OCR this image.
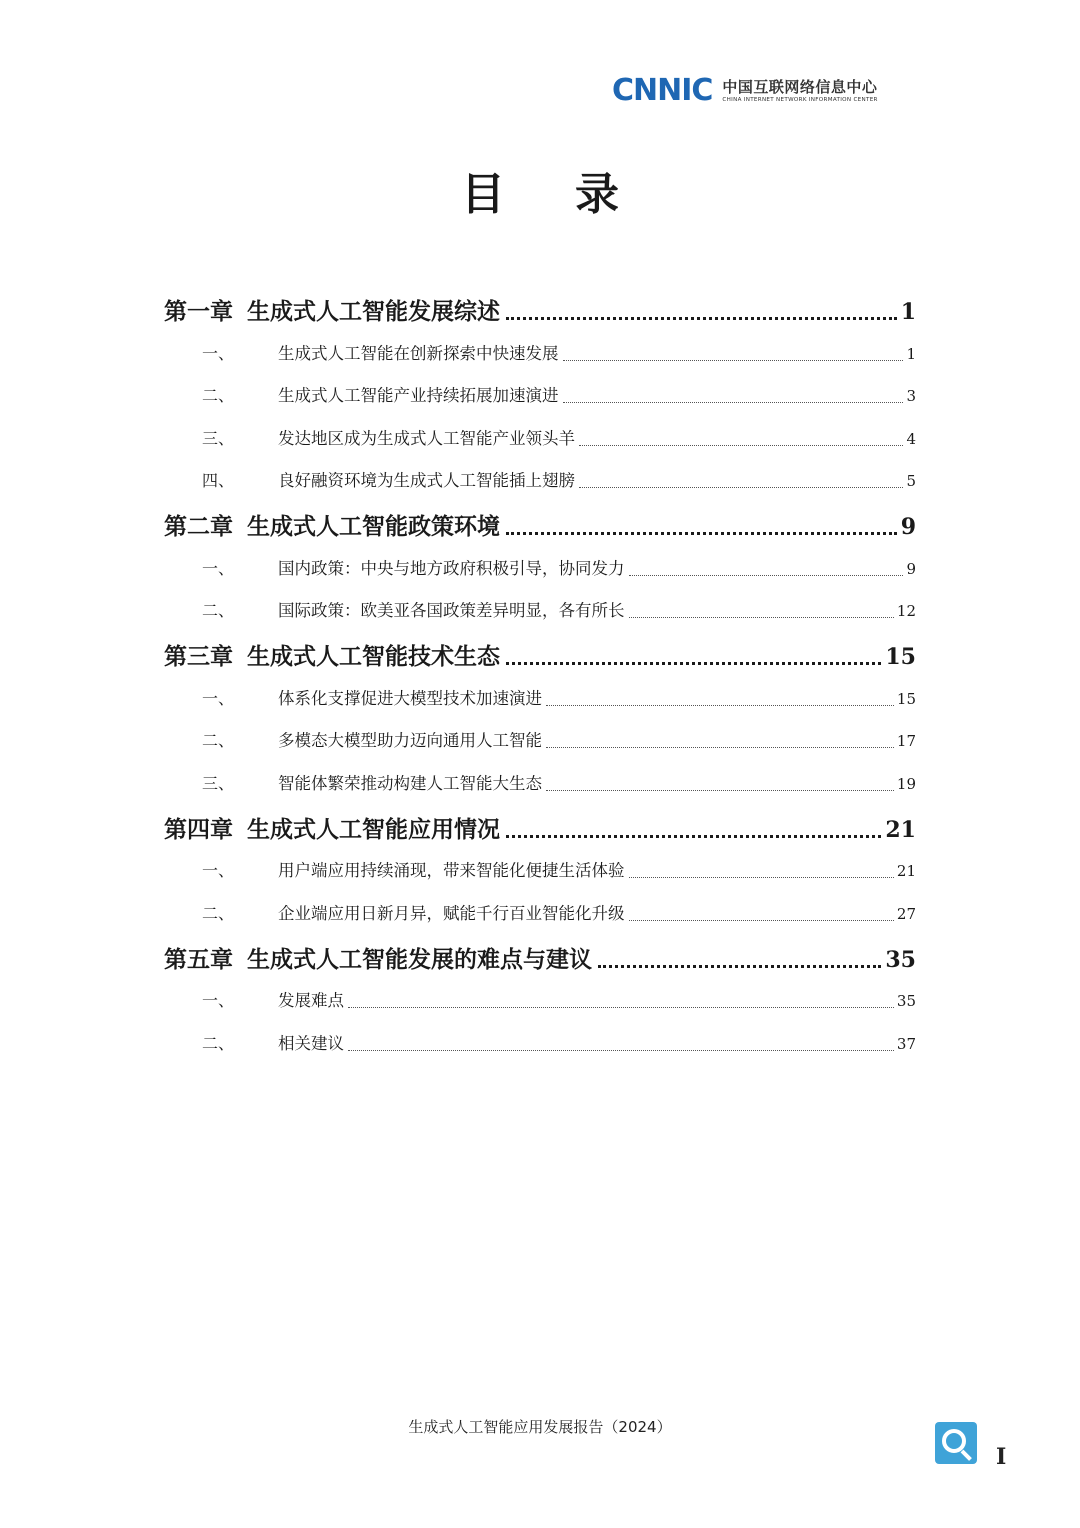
CNNIC 中国互联网络信息中心
CHINA INTERNET NETWORK INFORMATION CENTER
目 录
第一章 生成式人工智能发展综述	1
一、	生成式人工智能在创新探索中快速发展	1
二、	生成式人工智能产业持续拓展加速演进	3
三、	发达地区成为生成式人工智能产业领头羊	4
四、	良好融资环境为生成式人工智能插上翅膀	5
第二章 生成式人工智能政策环境	9
一、	国内政策：中央与地方政府积极引导，协同发力	9
二、	国际政策：欧美亚各国政策差异明显，各有所长	12
第三章 生成式人工智能技术生态	15
一、	体系化支撑促进大模型技术加速演进	15
二、	多模态大模型助力迈向通用人工智能	17
三、	智能体繁荣推动构建人工智能大生态	19
第四章 生成式人工智能应用情况	21
一、	用户端应用持续涌现，带来智能化便捷生活体验	21
二、	企业端应用日新月异，赋能千行百业智能化升级	27
第五章 生成式人工智能发展的难点与建议	35
一、	发展难点	35
二、	相关建议	37
生成式人工智能应用发展报告（2024）
I
